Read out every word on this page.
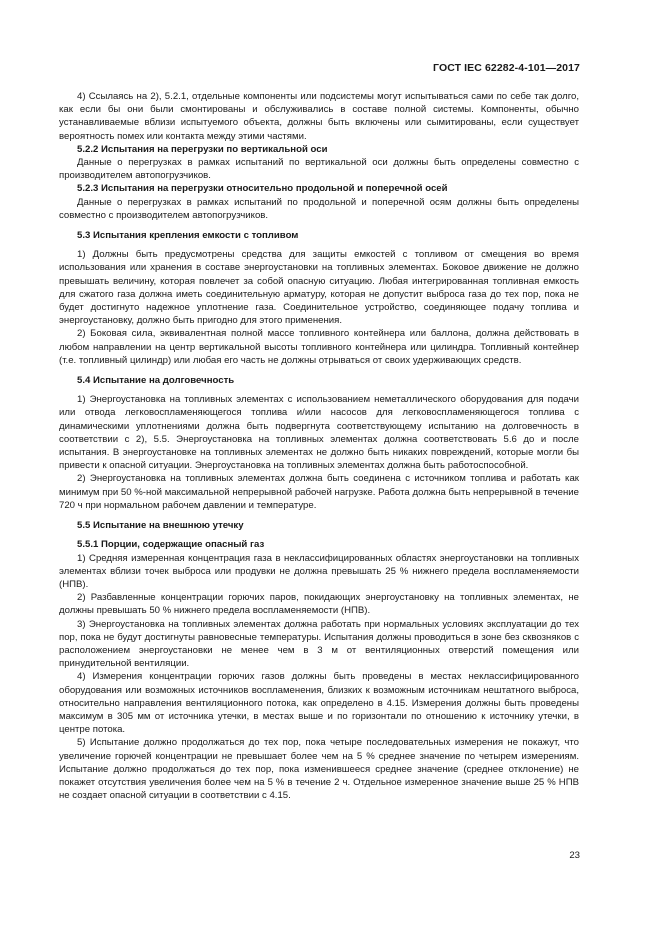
ГОСТ IEC 62282-4-101—2017
4) Ссылаясь на 2), 5.2.1, отдельные компоненты или подсистемы могут испытываться сами по себе так долго, как если бы они были смонтированы и обслуживались в составе полной системы. Компоненты, обычно устанавливаемые вблизи испытуемого объекта, должны быть включены или сымитированы, если существует вероятность помех или контакта между этими частями.
5.2.2 Испытания на перегрузки по вертикальной оси
Данные о перегрузках в рамках испытаний по вертикальной оси должны быть определены совместно с производителем автопогрузчиков.
5.2.3 Испытания на перегрузки относительно продольной и поперечной осей
Данные о перегрузках в рамках испытаний по продольной и поперечной осям должны быть определены совместно с производителем автопогрузчиков.
5.3 Испытания крепления емкости с топливом
1) Должны быть предусмотрены средства для защиты емкостей с топливом от смещения во время использования или хранения в составе энергоустановки на топливных элементах. Боковое движение не должно превышать величину, которая повлечет за собой опасную ситуацию. Любая интегрированная топливная емкость для сжатого газа должна иметь соединительную арматуру, которая не допустит выброса газа до тех пор, пока не будет достигнуто надежное уплотнение газа. Соединительное устройство, соединяющее подачу топлива и энергоустановку, должно быть пригодно для этого применения.
2) Боковая сила, эквивалентная полной массе топливного контейнера или баллона, должна действовать в любом направлении на центр вертикальной высоты топливного контейнера или цилиндра. Топливный контейнер (т.е. топливный цилиндр) или любая его часть не должны отрываться от своих удерживающих средств.
5.4 Испытание на долговечность
1) Энергоустановка на топливных элементах с использованием неметаллического оборудования для подачи или отвода легковоспламеняющегося топлива и/или насосов для легковоспламеняющегося топлива с динамическими уплотнениями должна быть подвергнута соответствующему испытанию на долговечность в соответствии с 2), 5.5. Энергоустановка на топливных элементах должна соответствовать 5.6 до и после испытания. В энергоустановке на топливных элементах не должно быть никаких повреждений, которые могли бы привести к опасной ситуации. Энергоустановка на топливных элементах должна быть работоспособной.
2) Энергоустановка на топливных элементах должна быть соединена с источником топлива и работать как минимум при 50 %-ной максимальной непрерывной рабочей нагрузке. Работа должна быть непрерывной в течение 720 ч при нормальном рабочем давлении и температуре.
5.5 Испытание на внешнюю утечку
5.5.1 Порции, содержащие опасный газ
1) Средняя измеренная концентрация газа в неклассифицированных областях энергоустановки на топливных элементах вблизи точек выброса или продувки не должна превышать 25 % нижнего предела воспламеняемости (НПВ).
2) Разбавленные концентрации горючих паров, покидающих энергоустановку на топливных элементах, не должны превышать 50 % нижнего предела воспламеняемости (НПВ).
3) Энергоустановка на топливных элементах должна работать при нормальных условиях эксплуатации до тех пор, пока не будут достигнуты равновесные температуры. Испытания должны проводиться в зоне без сквозняков с расположением энергоустановки не менее чем в 3 м от вентиляционных отверстий помещения или принудительной вентиляции.
4) Измерения концентрации горючих газов должны быть проведены в местах неклассифицированного оборудования или возможных источников воспламенения, близких к возможным источникам нештатного выброса, относительно направления вентиляционного потока, как определено в 4.15. Измерения должны быть проведены максимум в 305 мм от источника утечки, в местах выше и по горизонтали по отношению к источнику утечки, в центре потока.
5) Испытание должно продолжаться до тех пор, пока четыре последовательных измерения не покажут, что увеличение горючей концентрации не превышает более чем на 5 % среднее значение по четырем измерениям. Испытание должно продолжаться до тех пор, пока изменившееся среднее значение (среднее отклонение) не покажет отсутствия увеличения более чем на 5 % в течение 2 ч. Отдельное измеренное значение выше 25 % НПВ не создает опасной ситуации в соответствии с 4.15.
23
